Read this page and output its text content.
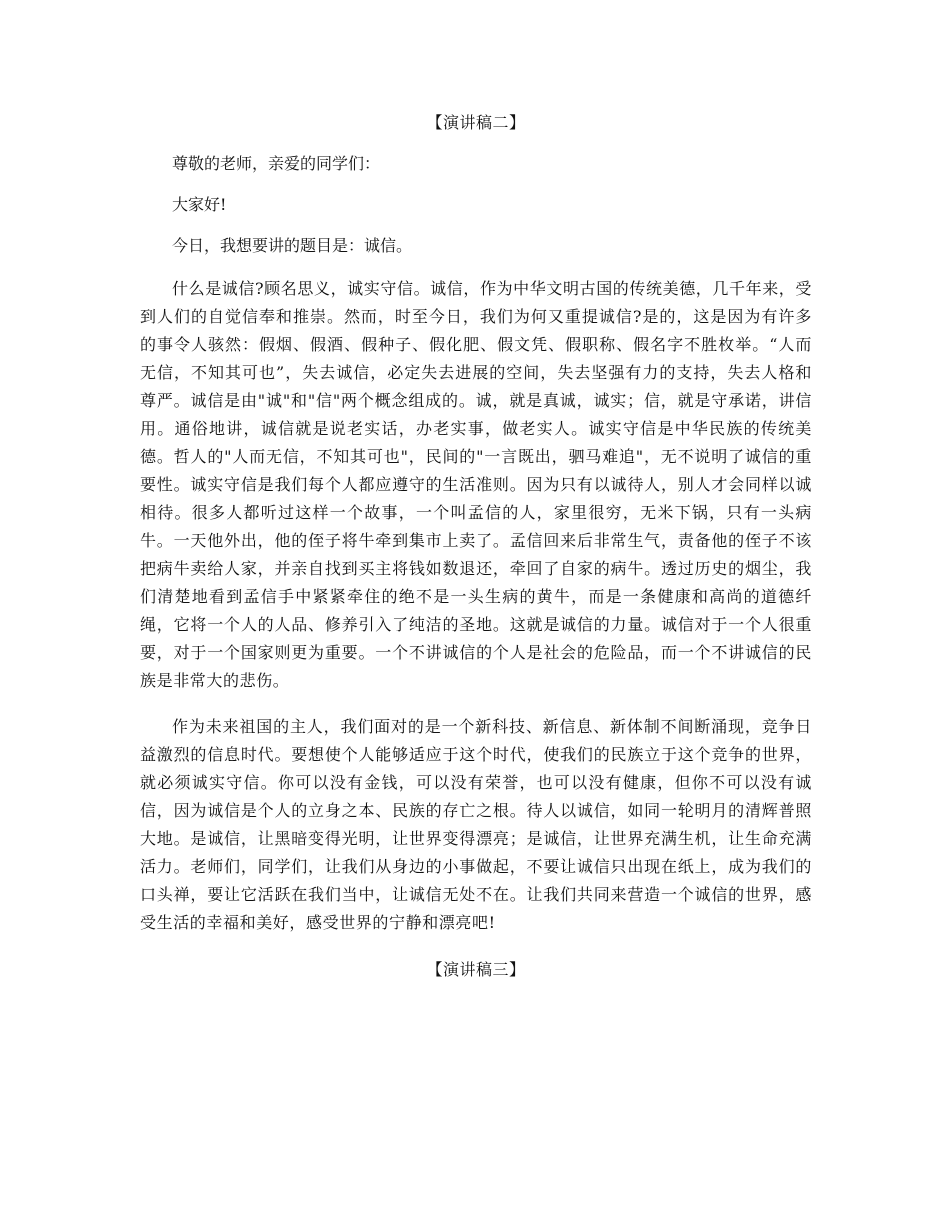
【演讲稿二】

尊敬的老师，亲爱的同学们：

大家好!

今日，我想要讲的题目是：诚信。

什么是诚信?顾名思义，诚实守信。诚信，作为中华文明古国的传统美德，几千年来，受到人们的自觉信奉和推崇。然而，时至今日，我们为何又重提诚信?是的，这是因为有许多的事令人骇然：假烟、假酒、假种子、假化肥、假文凭、假职称、假名字不胜枚举。“人而无信，不知其可也”，失去诚信，必定失去进展的空间，失去坚强有力的支持，失去人格和尊严。诚信是由"诚"和"信"两个概念组成的。诚，就是真诚，诚实；信，就是守承诺，讲信用。通俗地讲，诚信就是说老实话，办老实事，做老实人。诚实守信是中华民族的传统美德。哲人的"人而无信，不知其可也"，民间的"一言既出，驷马难追"，无不说明了诚信的重要性。诚实守信是我们每个人都应遵守的生活准则。因为只有以诚待人，别人才会同样以诚相待。很多人都听过这样一个故事，一个叫孟信的人，家里很穷，无米下锅，只有一头病牛。一天他外出，他的侄子将牛牵到集市上卖了。孟信回来后非常生气，责备他的侄子不该把病牛卖给人家，并亲自找到买主将钱如数退还，牵回了自家的病牛。透过历史的烟尘，我们清楚地看到孟信手中紧紧牵住的绝不是一头生病的黄牛，而是一条健康和高尚的道德纤绳，它将一个人的人品、修养引入了纯洁的圣地。这就是诚信的力量。诚信对于一个人很重要，对于一个国家则更为重要。一个不讲诚信的个人是社会的危险品，而一个不讲诚信的民族是非常大的悲伤。

作为未来祖国的主人，我们面对的是一个新科技、新信息、新体制不间断涌现，竞争日益激烈的信息时代。要想使个人能够适应于这个时代，使我们的民族立于这个竞争的世界，就必须诚实守信。你可以没有金钱，可以没有荣誉，也可以没有健康，但你不可以没有诚信，因为诚信是个人的立身之本、民族的存亡之根。待人以诚信，如同一轮明月的清辉普照大地。是诚信，让黑暗变得光明，让世界变得漂亮；是诚信，让世界充满生机，让生命充满活力。老师们，同学们，让我们从身边的小事做起，不要让诚信只出现在纸上，成为我们的口头禅，要让它活跃在我们当中，让诚信无处不在。让我们共同来营造一个诚信的世界，感受生活的幸福和美好，感受世界的宁静和漂亮吧!

【演讲稿三】
